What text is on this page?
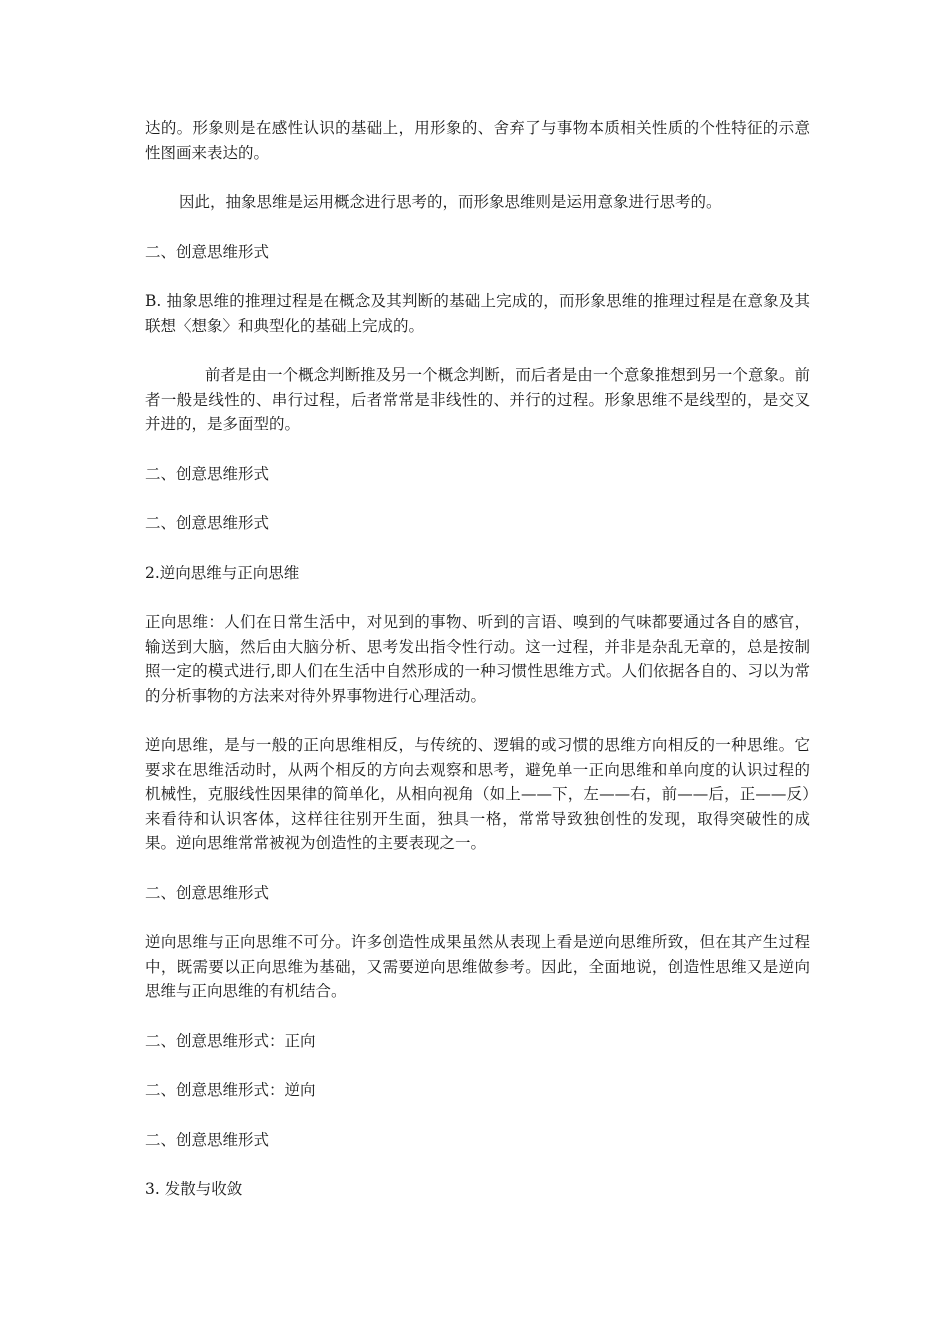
达的。形象则是在感性认识的基础上，用形象的、舍弃了与事物本质相关性质的个性特征的示意性图画来表达的。

因此，抽象思维是运用概念进行思考的，而形象思维则是运用意象进行思考的。

二、创意思维形式

B. 抽象思维的推理过程是在概念及其判断的基础上完成的，而形象思维的推理过程是在意象及其联想〈想象〉和典型化的基础上完成的。

前者是由一个概念判断推及另一个概念判断，而后者是由一个意象推想到另一个意象。前者一般是线性的、串行过程，后者常常是非线性的、并行的过程。形象思维不是线型的，是交叉并进的，是多面型的。

二、创意思维形式

二、创意思维形式

2.逆向思维与正向思维

正向思维：人们在日常生活中，对见到的事物、听到的言语、嗅到的气味都要通过各自的感官，输送到大脑，然后由大脑分析、思考发出指令性行动。这一过程，并非是杂乱无章的，总是按制照一定的模式进行,即人们在生活中自然形成的一种习惯性思维方式。人们依据各自的、习以为常的分析事物的方法来对待外界事物进行心理活动。

逆向思维，是与一般的正向思维相反，与传统的、逻辑的或习惯的思维方向相反的一种思维。它要求在思维活动时，从两个相反的方向去观察和思考，避免单一正向思维和单向度的认识过程的机械性，克服线性因果律的简单化，从相向视角（如上——下，左——右，前——后，正——反）来看待和认识客体，这样往往别开生面，独具一格，常常导致独创性的发现，取得突破性的成果。逆向思维常常被视为创造性的主要表现之一。

二、创意思维形式

逆向思维与正向思维不可分。许多创造性成果虽然从表现上看是逆向思维所致，但在其产生过程中，既需要以正向思维为基础，又需要逆向思维做参考。因此，全面地说，创造性思维又是逆向思维与正向思维的有机结合。

二、创意思维形式：正向

二、创意思维形式：逆向

二、创意思维形式

3. 发散与收敛
